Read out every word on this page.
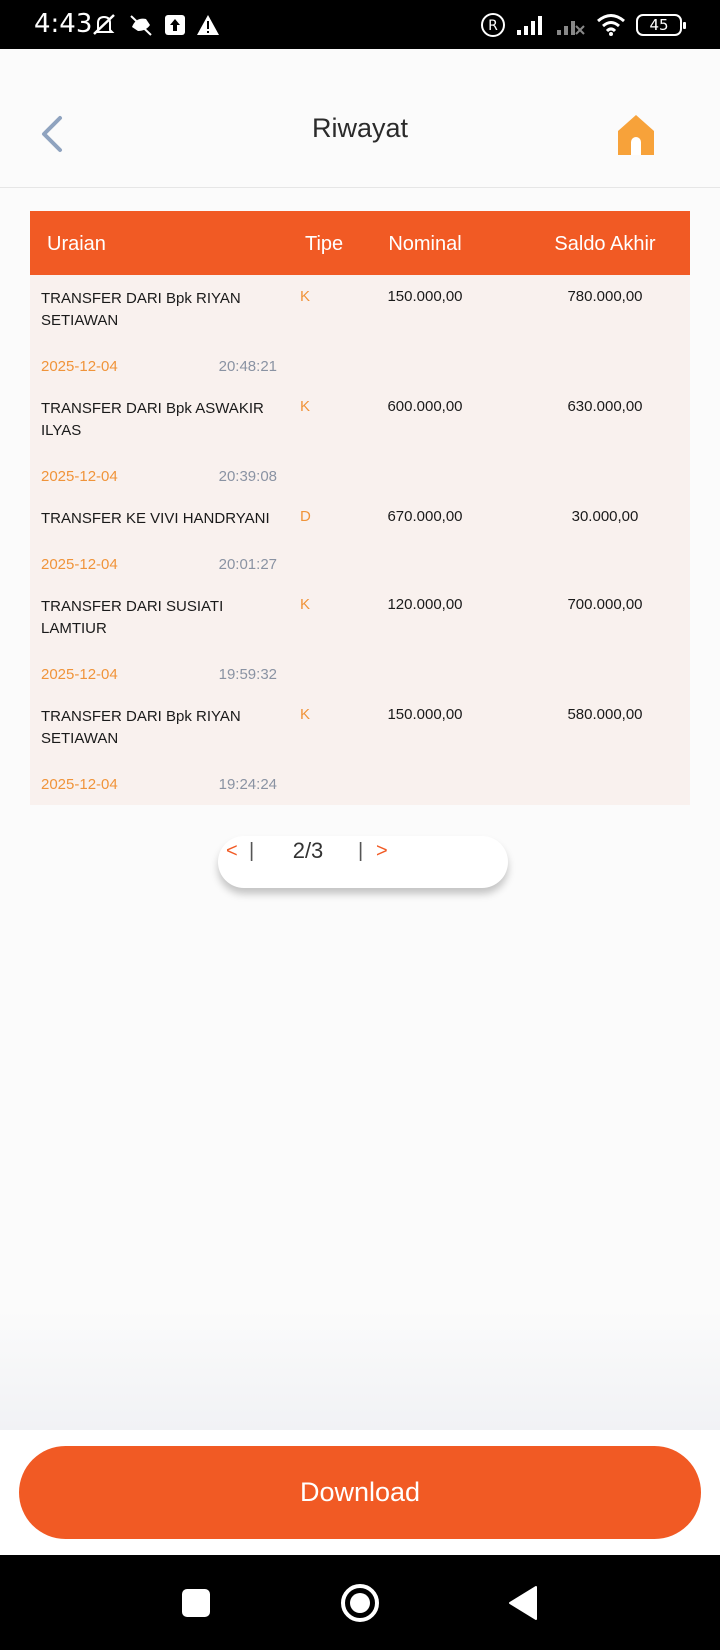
4:43	R	45
Riwayat
Uraian	Tipe	Nominal	Saldo Akhir
TRANSFER DARI Bpk RIYAN SETIAWAN
K	150.000,00	780.000,00
2025-12-04	20:48:21
TRANSFER DARI Bpk ASWAKIR ILYAS
K	600.000,00	630.000,00
2025-12-04	20:39:08
TRANSFER KE VIVI HANDRYANI	D	670.000,00	30.000,00
2025-12-04	20:01:27
TRANSFER DARI SUSIATI LAMTIUR
K	120.000,00	700.000,00
2025-12-04	19:59:32
TRANSFER DARI Bpk RIYAN SETIAWAN
K	150.000,00	580.000,00
2025-12-04	19:24:24
< |	2/3	| >
Download
